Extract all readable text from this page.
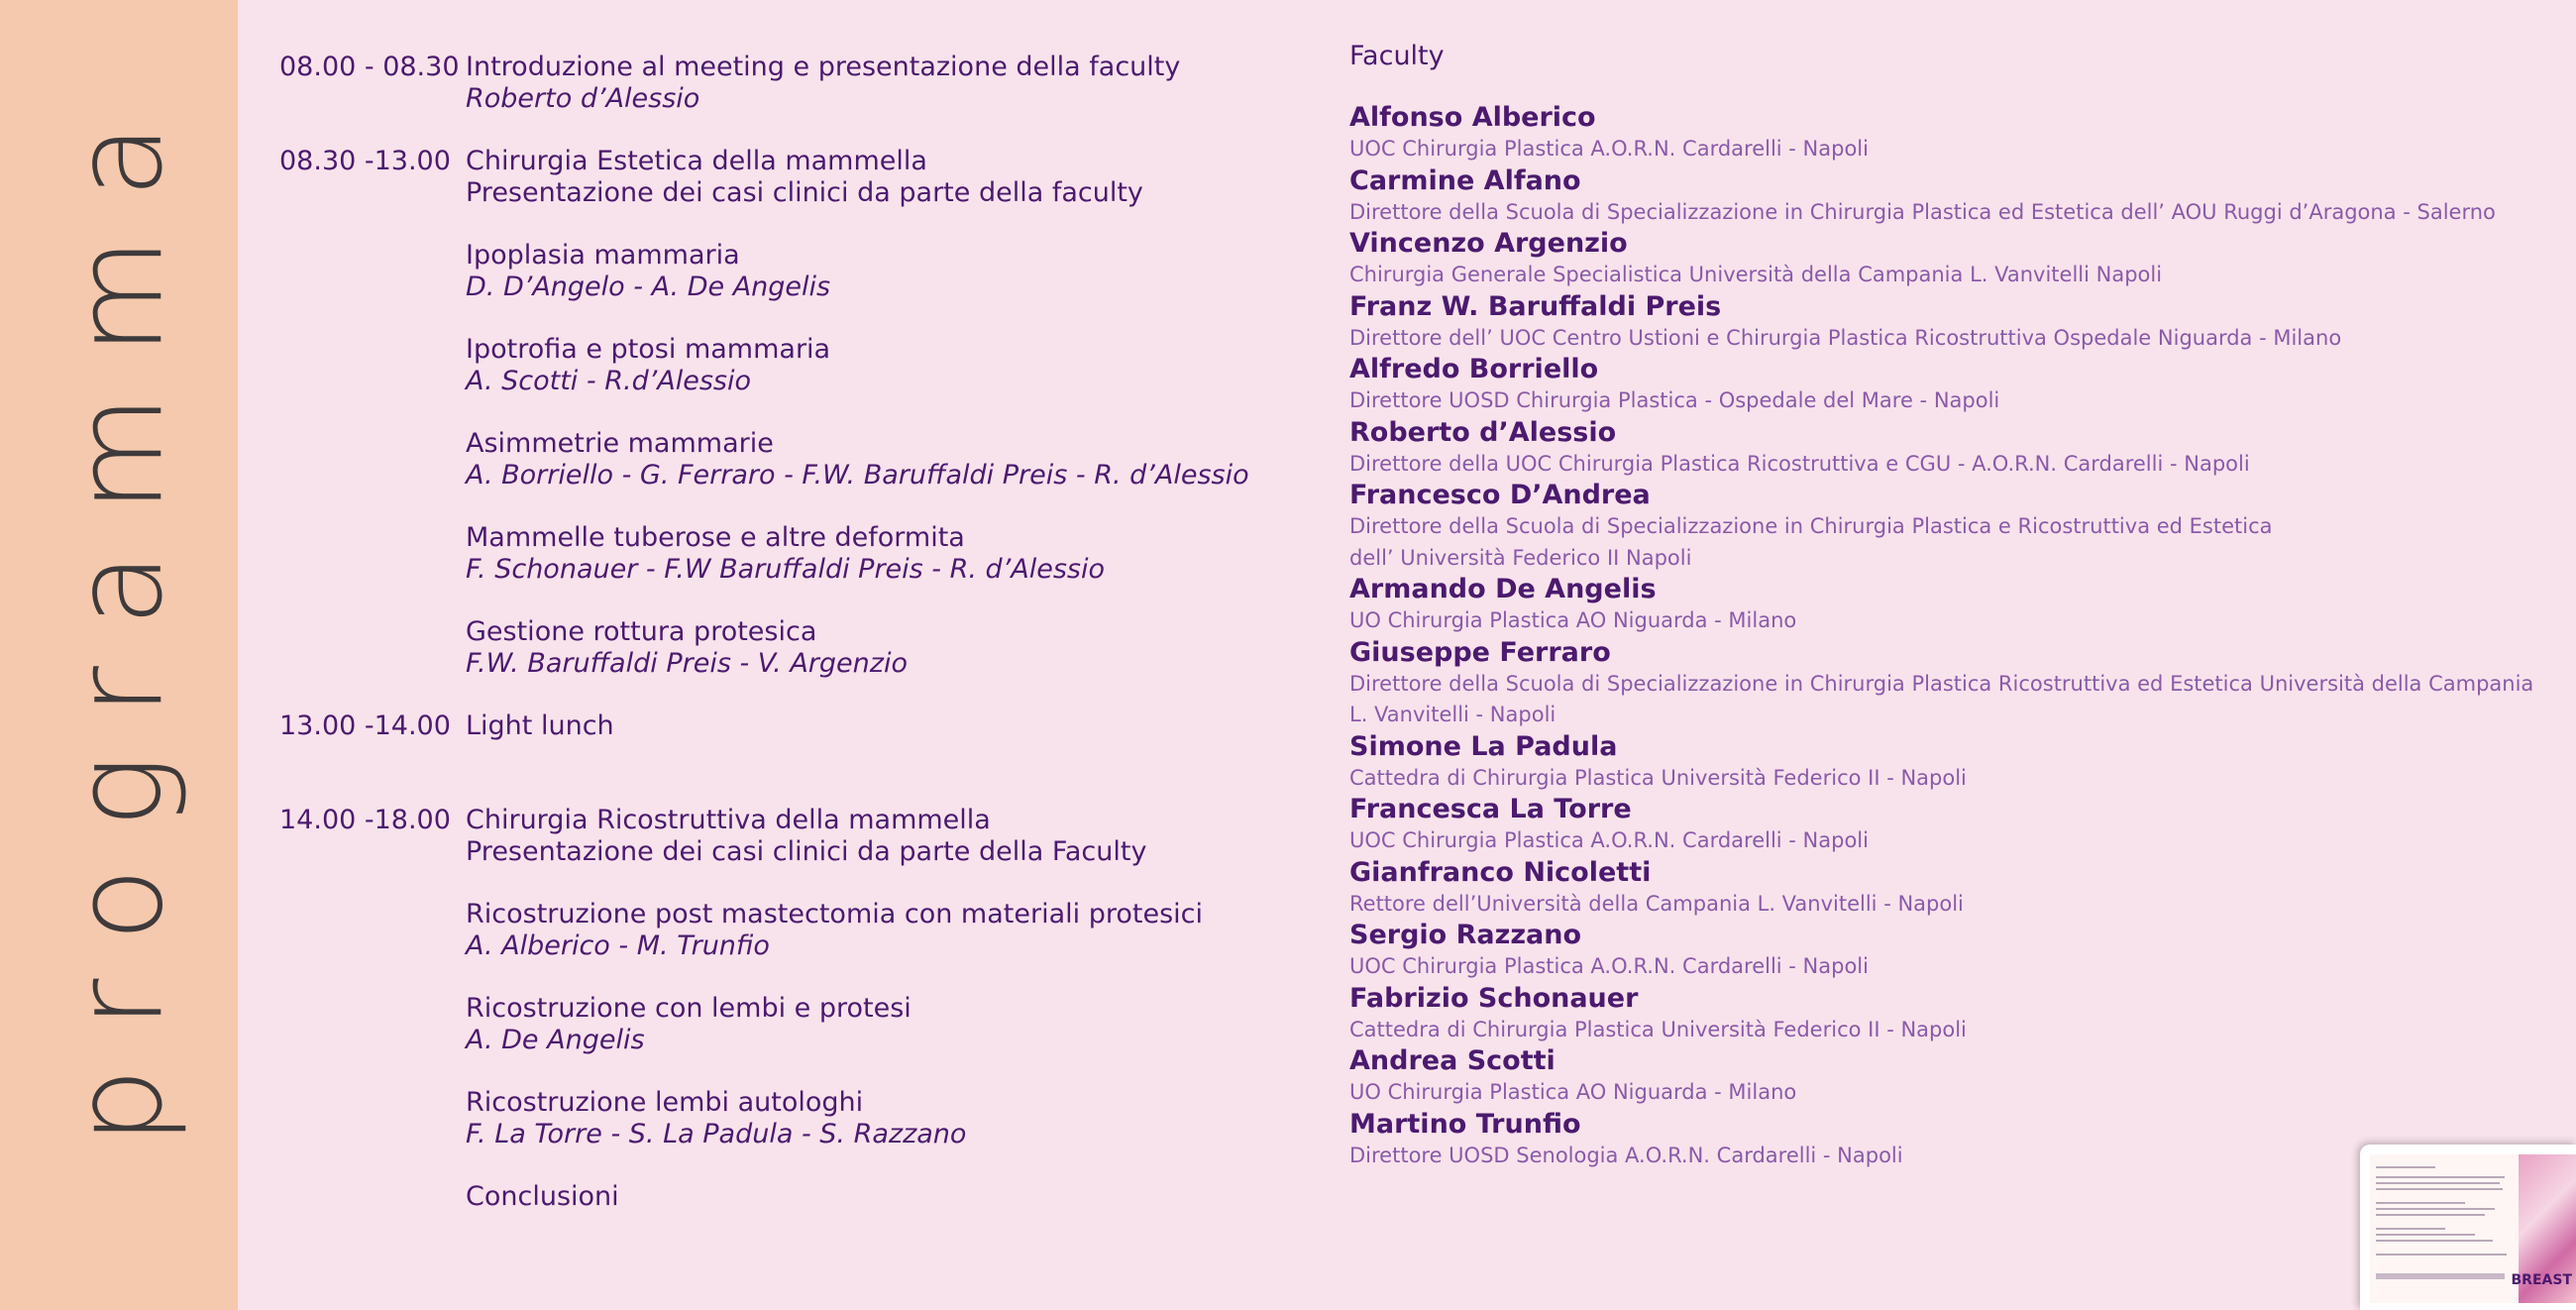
programma
08.00 - 08.30 Introduzione al meeting e presentazione della faculty
Roberto d’Alessio
08.30 -13.00 Chirurgia Estetica della mammella
Presentazione dei casi clinici da parte della faculty
Ipoplasia mammaria
D. D’Angelo - A. De Angelis
Ipotrofia e ptosi mammaria
A. Scotti - R.d’Alessio
Asimmetrie mammarie
A. Borriello - G. Ferraro - F.W. Baruffaldi Preis - R. d’Alessio
Mammelle tuberose e altre deformita
F. Schonauer - F.W Baruffaldi Preis - R. d’Alessio
Gestione rottura protesica
F.W. Baruffaldi Preis - V. Argenzio
13.00 -14.00 Light lunch
14.00 -18.00 Chirurgia Ricostruttiva della mammella
Presentazione dei casi clinici da parte della Faculty
Ricostruzione post mastectomia con materiali protesici
A. Alberico - M. Trunfio
Ricostruzione con lembi e protesi
A. De Angelis
Ricostruzione lembi autologhi
F. La Torre - S. La Padula - S. Razzano
Conclusioni
Faculty
Alfonso Alberico
UOC Chirurgia Plastica A.O.R.N. Cardarelli - Napoli
Carmine Alfano
Direttore della Scuola di Specializzazione in Chirurgia Plastica ed Estetica dell’ AOU Ruggi d’Aragona - Salerno
Vincenzo Argenzio
Chirurgia Generale Specialistica Università della Campania L. Vanvitelli Napoli
Franz W. Baruffaldi Preis
Direttore dell’ UOC Centro Ustioni e Chirurgia Plastica Ricostruttiva Ospedale Niguarda - Milano
Alfredo Borriello
Direttore UOSD Chirurgia Plastica - Ospedale del Mare - Napoli
Roberto d’Alessio
Direttore della UOC Chirurgia Plastica Ricostruttiva e CGU - A.O.R.N. Cardarelli - Napoli
Francesco D’Andrea
Direttore della Scuola di Specializzazione in Chirurgia Plastica e Ricostruttiva ed Estetica
dell’ Università Federico II Napoli
Armando De Angelis
UO Chirurgia Plastica AO Niguarda - Milano
Giuseppe Ferraro
Direttore della Scuola di Specializzazione in Chirurgia Plastica Ricostruttiva ed Estetica Università della Campania
L. Vanvitelli - Napoli
Simone La Padula
Cattedra di Chirurgia Plastica Università Federico II - Napoli
Francesca La Torre
UOC Chirurgia Plastica A.O.R.N. Cardarelli - Napoli
Gianfranco Nicoletti
Rettore dell’Università della Campania L. Vanvitelli - Napoli
Sergio Razzano
UOC Chirurgia Plastica A.O.R.N. Cardarelli - Napoli
Fabrizio Schonauer
Cattedra di Chirurgia Plastica Università Federico II - Napoli
Andrea Scotti
UO Chirurgia Plastica AO Niguarda - Milano
Martino Trunfio
Direttore UOSD Senologia A.O.R.N. Cardarelli - Napoli
BREAST
